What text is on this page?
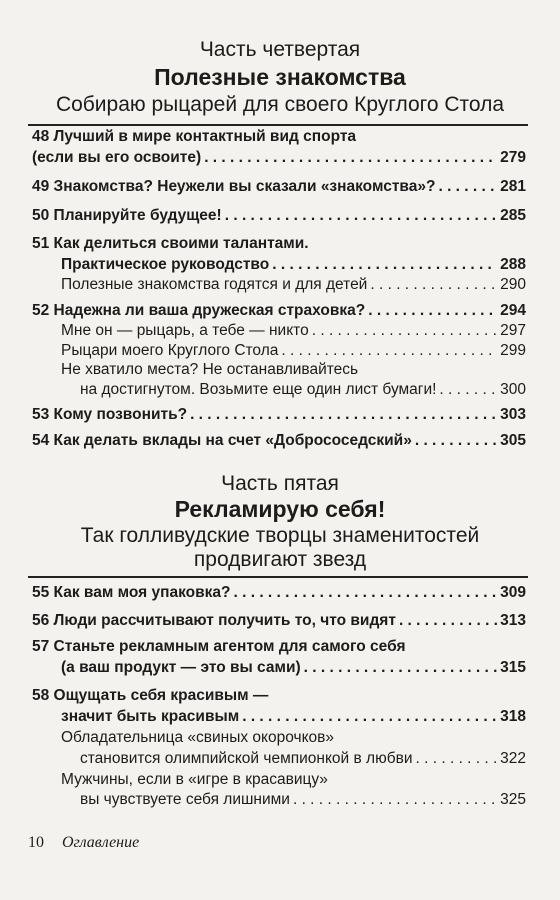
Часть четвертая
Полезные знакомства
Собираю рыцарей для своего Круглого Стола
48 Лучший в мире контактный вид спорта
(если вы его освоите) . . .	279
49 Знакомства? Неужели вы сказали «знакомства»? . . .	281
50 Планируйте будущее! . . .	285
51 Как делиться своими талантами.
Практическое руководство . . .	288
Полезные знакомства годятся и для детей . . .	290
52 Надежна ли ваша дружеская страховка? . . .	294
Мне он — рыцарь, а тебе — никто . . .	297
Рыцари моего Круглого Стола . . .	299
Не хватило места? Не останавливайтесь
на достигнутом. Возьмите еще один лист бумаги! . . .	300
53 Кому позвонить? . . .	303
54 Как делать вклады на счет «Добрососедский» . . .	305
Часть пятая
Рекламирую себя!
Так голливудские творцы знаменитостей
продвигают звезд
55 Как вам моя упаковка? . . .	309
56 Люди рассчитывают получить то, что видят . . .	313
57 Станьте рекламным агентом для самого себя
(а ваш продукт — это вы сами) . . .	315
58 Ощущать себя красивым —
значит быть красивым . . .	318
Обладательница «свиных окорочков»
становится олимпийской чемпионкой в любви . . .	322
Мужчины, если в «игре в красавицу»
вы чувствуете себя лишними . . .	325
10 Оглавление
